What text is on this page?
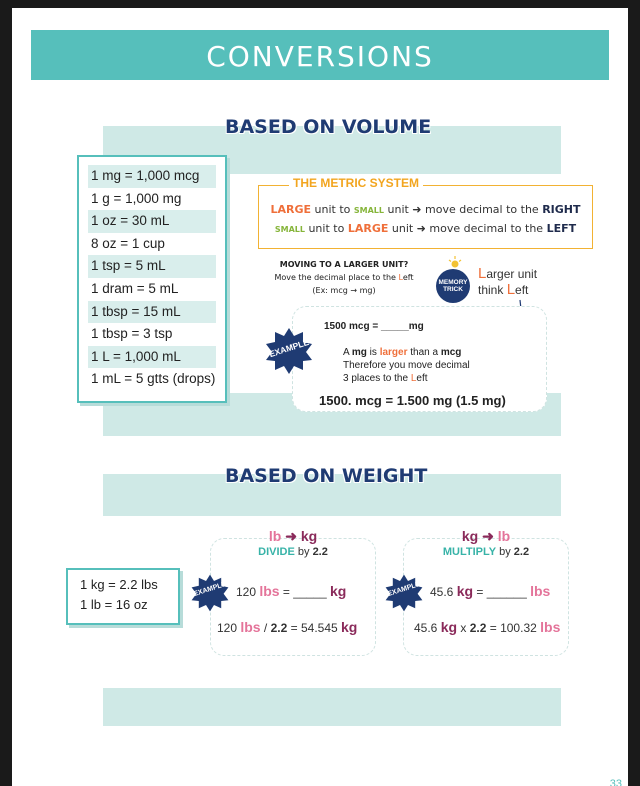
CONVERSIONS
BASED ON VOLUME
1 mg = 1,000 mcg
1 g = 1,000 mg
1 oz = 30 mL
8 oz = 1 cup
1 tsp = 5 mL
1 dram = 5 mL
1 tbsp = 15 mL
1 tbsp = 3 tsp
1 L = 1,000 mL
1 mL = 5 gtts (drops)
THE METRIC SYSTEM
LARGE unit to SMALL unit ➜ move decimal to the RIGHT
SMALL unit to LARGE unit ➜ move decimal to the LEFT
MOVING TO A LARGER UNIT?
Move the decimal place to the Left
(Ex: mcg → mg)
MEMORY TRICK
Larger unit
think Left
1500 mcg = _____mg
A mg is larger than a mcg
Therefore you move decimal
3 places to the Left
1500. mcg = 1.500 mg (1.5 mg)
EXAMPLE
BASED ON WEIGHT
1 kg = 2.2 lbs
1 lb = 16 oz
lb ➜ kg
DIVIDE by 2.2
120 lbs = _____ kg
120 lbs / 2.2 = 54.545 kg
EXAMPLE
kg ➜ lb
MULTIPLY by 2.2
45.6 kg = ______ lbs
45.6 kg x 2.2 = 100.32 lbs
EXAMPLE
33
